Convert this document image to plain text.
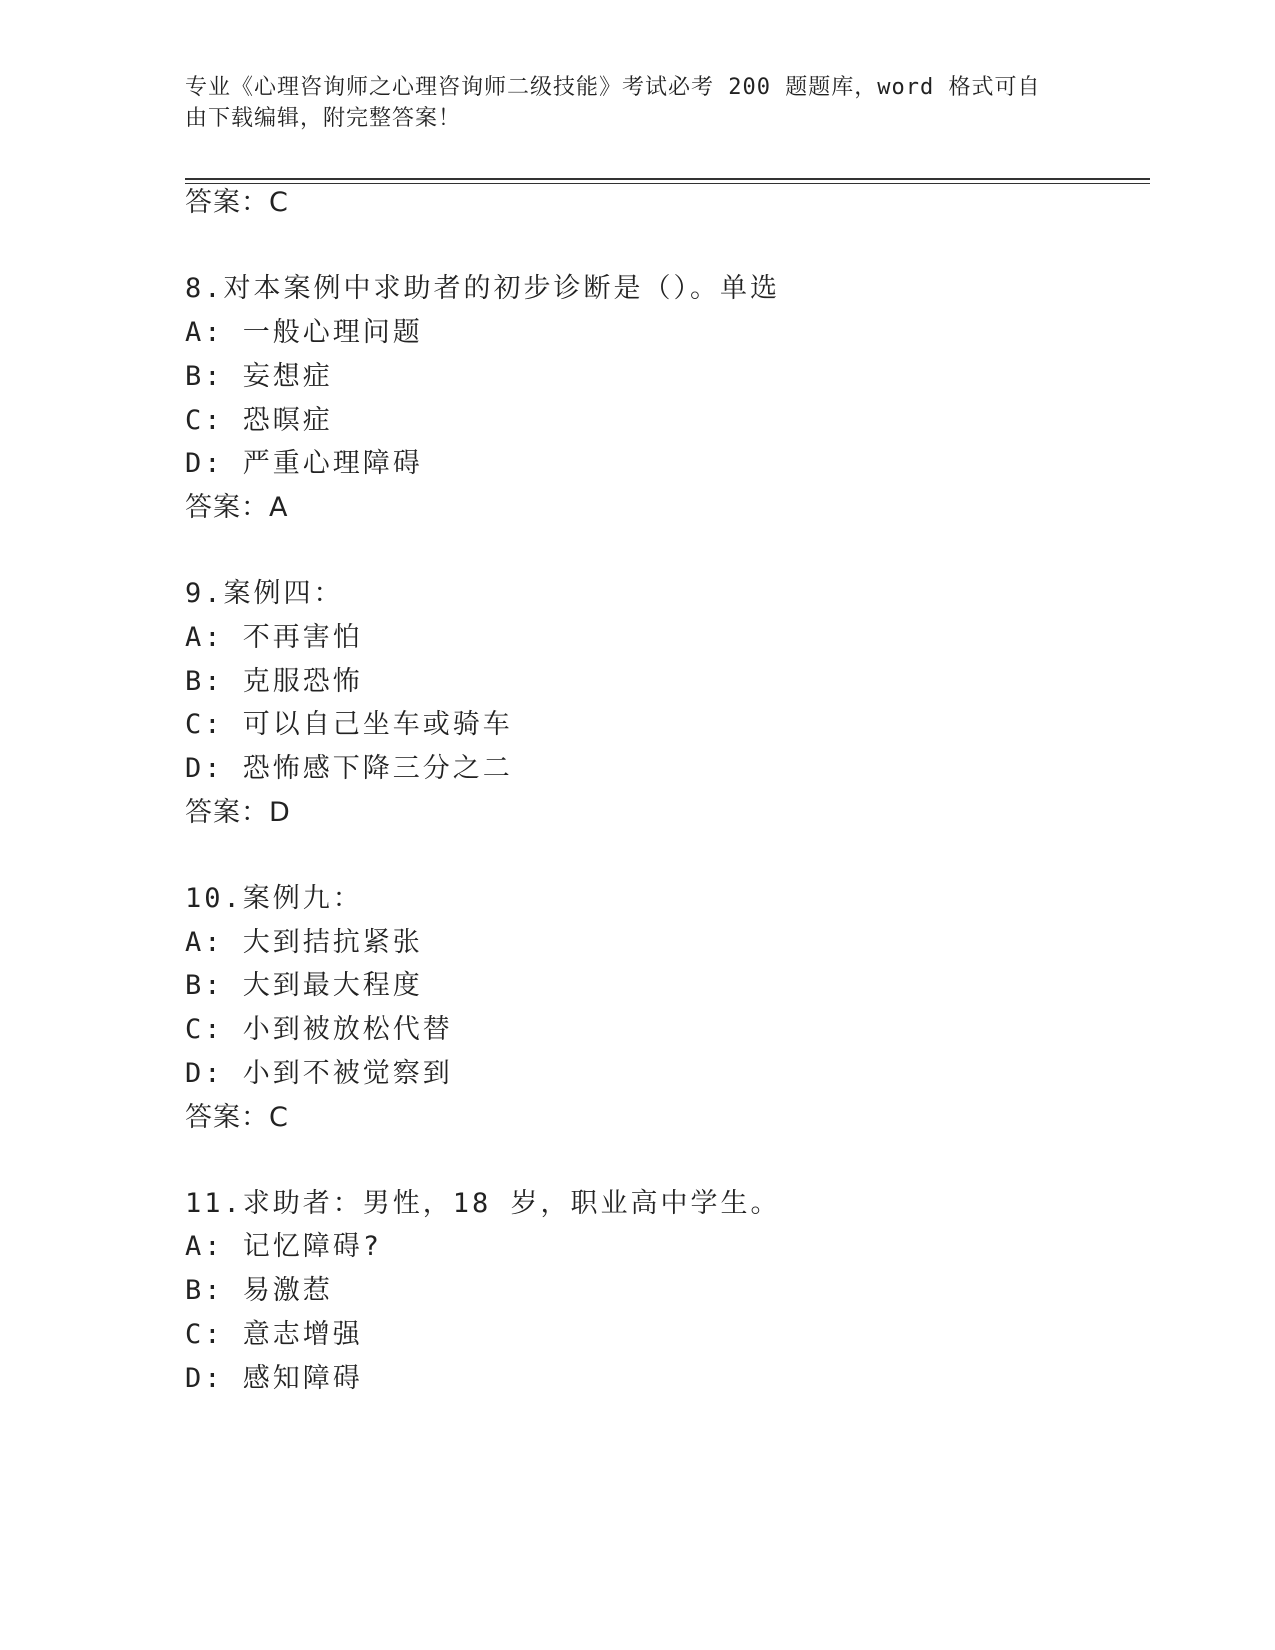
专业《心理咨询师之心理咨询师二级技能》考试必考 200 题题库，word 格式可自
由下载编辑，附完整答案！
答案：C
8.对本案例中求助者的初步诊断是（）。单选
A: 一般心理问题
B: 妄想症
C: 恐暝症
D: 严重心理障碍
答案：A
9.案例四：
A: 不再害怕
B: 克服恐怖
C: 可以自己坐车或骑车
D: 恐怖感下降三分之二
答案：D
10.案例九：
A: 大到拮抗紧张
B: 大到最大程度
C: 小到被放松代替
D: 小到不被觉察到
答案：C
11.求助者：男性，18 岁，职业高中学生。
A: 记忆障碍?
B: 易激惹
C: 意志增强
D: 感知障碍
